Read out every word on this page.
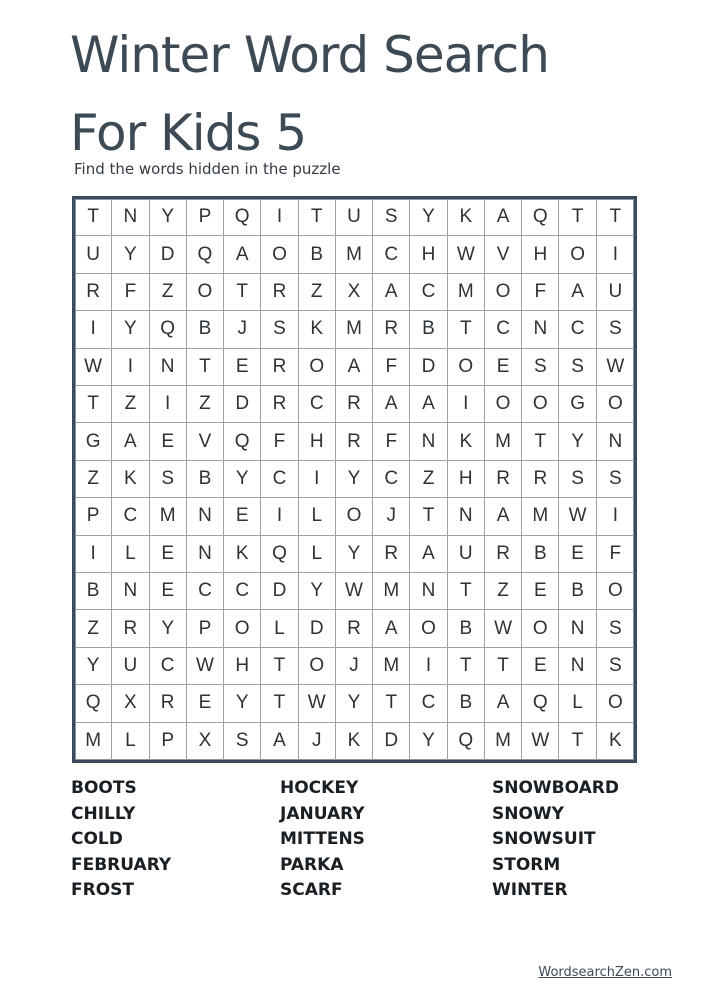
Winter Word Search
For Kids 5
Find the words hidden in the puzzle
T	N	Y	P	Q	I	T	U	S	Y	K	A	Q	T	T
U	Y	D	Q	A	O	B	M	C	H	W	V	H	O	I
R	F	Z	O	T	R	Z	X	A	C	M	O	F	A	U
I	Y	Q	B	J	S	K	M	R	B	T	C	N	C	S
W	I	N	T	E	R	O	A	F	D	O	E	S	S	W
T	Z	I	Z	D	R	C	R	A	A	I	O	O	G	O
G	A	E	V	Q	F	H	R	F	N	K	M	T	Y	N
Z	K	S	B	Y	C	I	Y	C	Z	H	R	R	S	S
P	C	M	N	E	I	L	O	J	T	N	A	M	W	I
I	L	E	N	K	Q	L	Y	R	A	U	R	B	E	F
B	N	E	C	C	D	Y	W	M	N	T	Z	E	B	O
Z	R	Y	P	O	L	D	R	A	O	B	W	O	N	S
Y	U	C	W	H	T	O	J	M	I	T	T	E	N	S
Q	X	R	E	Y	T	W	Y	T	C	B	A	Q	L	O
M	L	P	X	S	A	J	K	D	Y	Q	M	W	T	K
BOOTS
CHILLY
COLD
FEBRUARY
FROST
HOCKEY
JANUARY
MITTENS
PARKA
SCARF
SNOWBOARD
SNOWY
SNOWSUIT
STORM
WINTER
WordsearchZen.com
